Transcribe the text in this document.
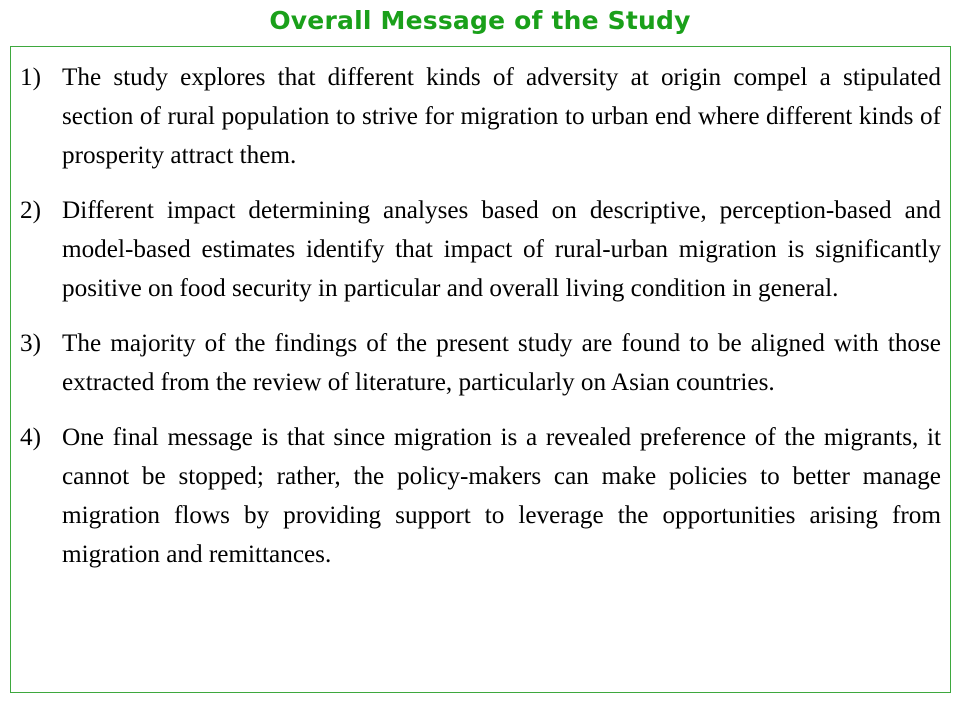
Overall Message of the Study
1) The study explores that different kinds of adversity at origin compel a stipulated section of rural population to strive for migration to urban end where different kinds of prosperity attract them.
2) Different impact determining analyses based on descriptive, perception-based and model-based estimates identify that impact of rural-urban migration is significantly positive on food security in particular and overall living condition in general.
3) The majority of the findings of the present study are found to be aligned with those extracted from the review of literature, particularly on Asian countries.
4) One final message is that since migration is a revealed preference of the migrants, it cannot be stopped; rather, the policy-makers can make policies to better manage migration flows by providing support to leverage the opportunities arising from migration and remittances.
